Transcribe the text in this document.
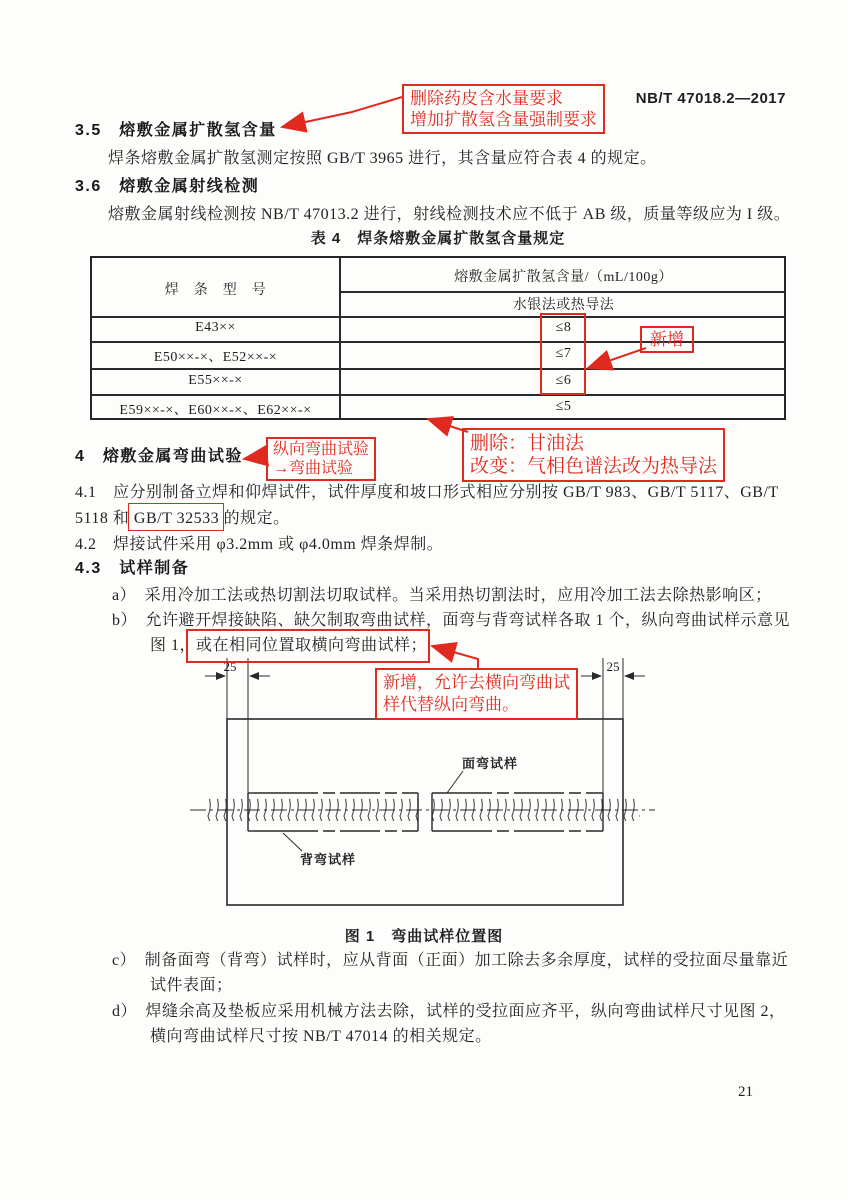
NB/T 47018.2—2017
3.5　熔敷金属扩散氢含量
焊条熔敷金属扩散氢测定按照 GB/T 3965 进行，其含量应符合表 4 的规定。
3.6　熔敷金属射线检测
熔敷金属射线检测按 NB/T 47013.2 进行，射线检测技术应不低于 AB 级，质量等级应为 I 级。
表 4　焊条熔敷金属扩散氢含量规定
焊　条　型　号
熔敷金属扩散氢含量/（mL/100g）
水银法或热导法
E43××	≤8
E50××-×、E52××-×	≤7
E55××-×	≤6
E59××-×、E60××-×、E62××-×	≤5
4　熔敷金属弯曲试验
4.1　应分别制备立焊和仰焊试件，试件厚度和坡口形式相应分别按 GB/T 983、GB/T 5117、GB/T
5118 和 GB/T 32533 的规定。
4.2　焊接试件采用 φ3.2mm 或 φ4.0mm 焊条焊制。
4.3　试样制备
a）　采用冷加工法或热切割法切取试样。当采用热切割法时，应用冷加工法去除热影响区；
b）　允许避开焊接缺陷、缺欠制取弯曲试样，面弯与背弯试样各取 1 个，纵向弯曲试样示意见
图 1，或在相同位置取横向弯曲试样；
c）　制备面弯（背弯）试样时，应从背面（正面）加工除去多余厚度，试样的受拉面尽量靠近
试件表面；
d）　焊缝余高及垫板应采用机械方法去除，试样的受拉面应齐平，纵向弯曲试样尺寸见图 2，
横向弯曲试样尺寸按 NB/T 47014 的相关规定。
25	25
面弯试样
背弯试样
图 1　弯曲试样位置图
21
删除药皮含水量要求
增加扩散氢含量强制要求
新增
删除：甘油法
改变：气相色谱法改为热导法
纵向弯曲试验
→弯曲试验
新增，允许去横向弯曲试
样代替纵向弯曲。
